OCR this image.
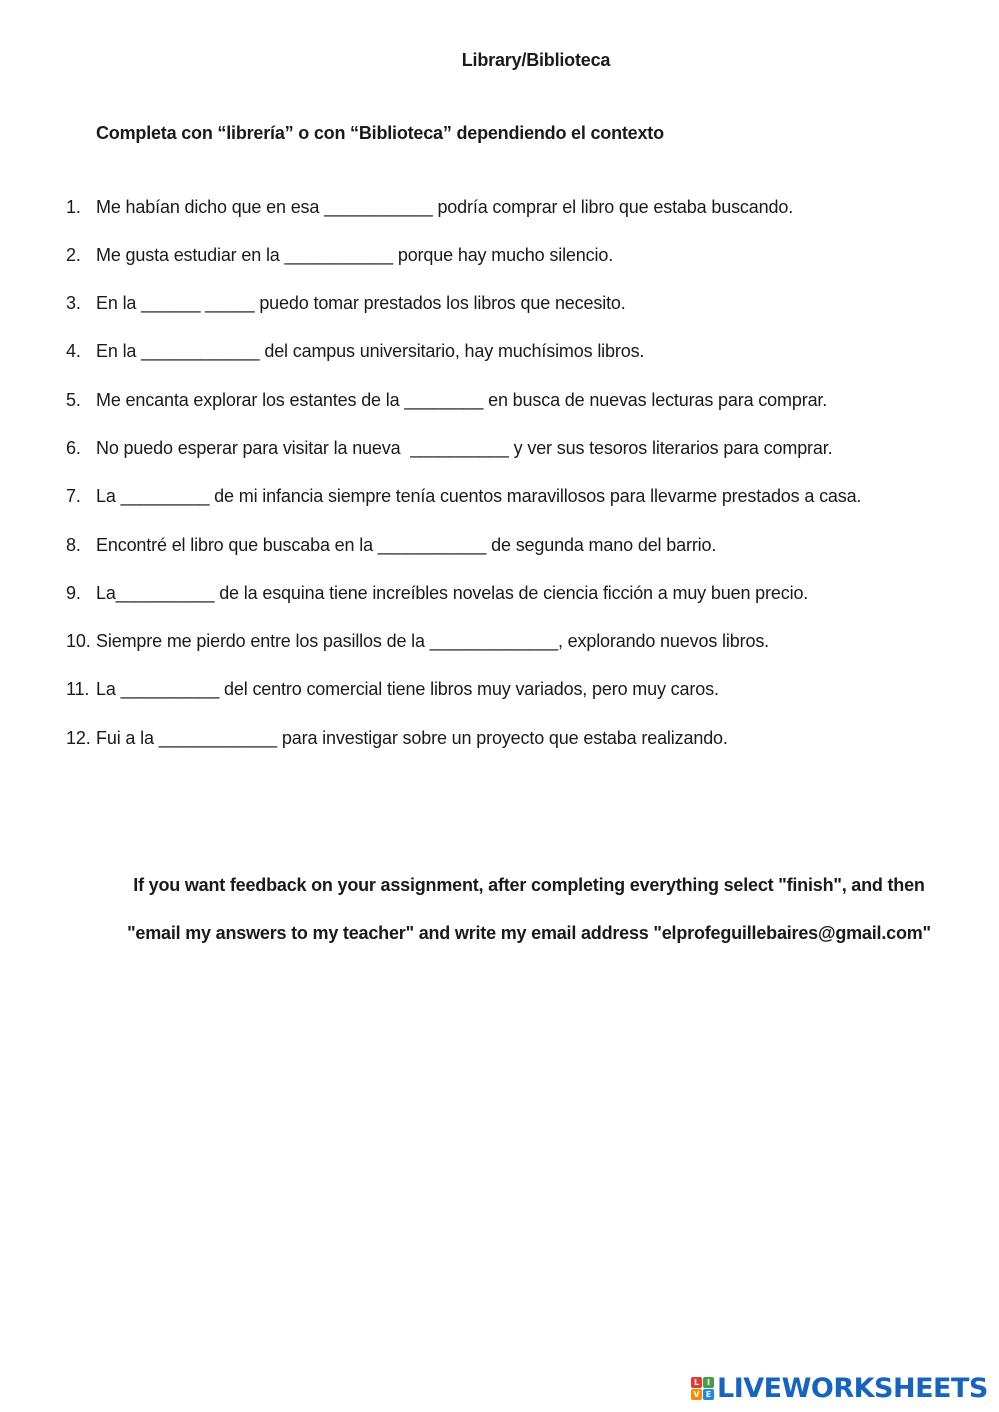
Library/Biblioteca
Completa con “librería” o con “Biblioteca” dependiendo el contexto
1. Me habían dicho que en esa ___________ podría comprar el libro que estaba buscando.
2. Me gusta estudiar en la ___________ porque hay mucho silencio.
3. En la ______ _____ puedo tomar prestados los libros que necesito.
4. En la ____________ del campus universitario, hay muchísimos libros.
5. Me encanta explorar los estantes de la ________ en busca de nuevas lecturas para comprar.
6. No puedo esperar para visitar la nueva  __________ y ver sus tesoros literarios para comprar.
7. La _________ de mi infancia siempre tenía cuentos maravillosos para llevarme prestados a casa.
8. Encontré el libro que buscaba en la ___________ de segunda mano del barrio.
9. La__________ de la esquina tiene increíbles novelas de ciencia ficción a muy buen precio.
10. Siempre me pierdo entre los pasillos de la _____________, explorando nuevos libros.
11. La __________ del centro comercial tiene libros muy variados, pero muy caros.
12. Fui a la ____________ para investigar sobre un proyecto que estaba realizando.
If you want feedback on your assignment, after completing everything select "finish", and then
"email my answers to my teacher" and write my email address "elprofeguillebaires@gmail.com"
L I
V E LIVEWORKSHEETS
